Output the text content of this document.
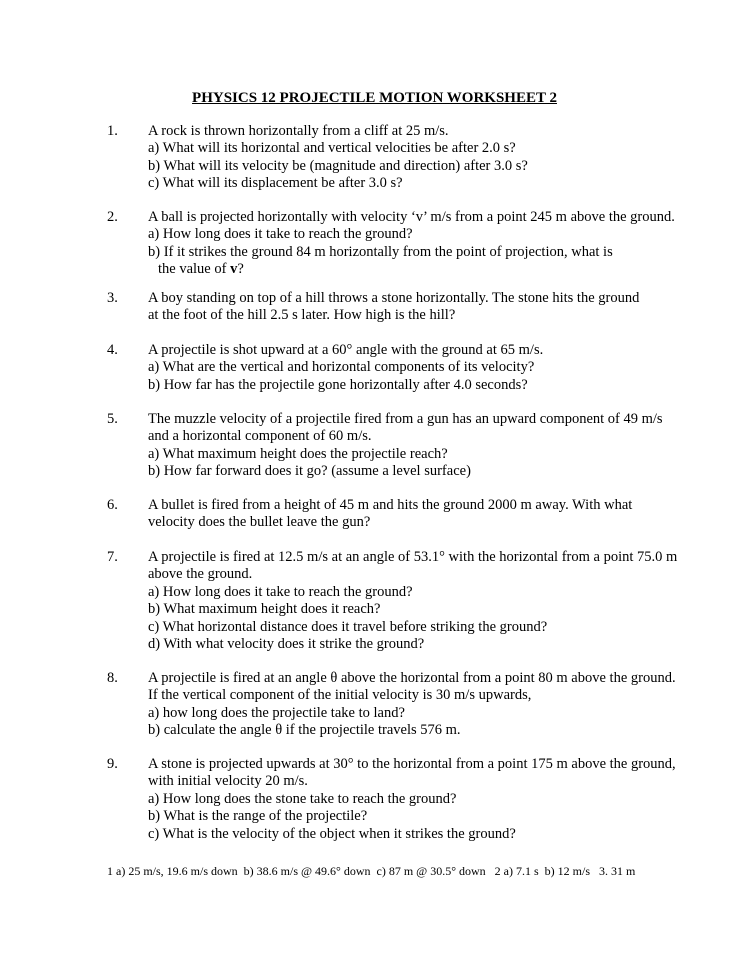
PHYSICS 12 PROJECTILE MOTION WORKSHEET 2
1.	A rock is thrown horizontally from a cliff at 25 m/s.
a) What will its horizontal and vertical velocities be after 2.0 s?
b) What will its velocity be (magnitude and direction) after 3.0 s?
c) What will its displacement be after 3.0 s?
2.	A ball is projected horizontally with velocity ‘v’ m/s from a point 245 m above the ground.
a) How long does it take to reach the ground?
b) If it strikes the ground 84 m horizontally from the point of projection, what is
the value of v?
3.	A boy standing on top of a hill throws a stone horizontally. The stone hits the ground
at the foot of the hill 2.5 s later. How high is the hill?
4.	A projectile is shot upward at a 60° angle with the ground at 65 m/s.
a) What are the vertical and horizontal components of its velocity?
b) How far has the projectile gone horizontally after 4.0 seconds?
5.	The muzzle velocity of a projectile fired from a gun has an upward component of 49 m/s
and a horizontal component of 60 m/s.
a) What maximum height does the projectile reach?
b) How far forward does it go? (assume a level surface)
6.	A bullet is fired from a height of 45 m and hits the ground 2000 m away. With what
velocity does the bullet leave the gun?
7.	A projectile is fired at 12.5 m/s at an angle of 53.1° with the horizontal from a point 75.0 m
above the ground.
a) How long does it take to reach the ground?
b) What maximum height does it reach?
c) What horizontal distance does it travel before striking the ground?
d) With what velocity does it strike the ground?
8.	A projectile is fired at an angle θ above the horizontal from a point 80 m above the ground.
If the vertical component of the initial velocity is 30 m/s upwards,
a) how long does the projectile take to land?
b) calculate the angle θ if the projectile travels 576 m.
9.	A stone is projected upwards at 30° to the horizontal from a point 175 m above the ground,
with initial velocity 20 m/s.
a) How long does the stone take to reach the ground?
b) What is the range of the projectile?
c) What is the velocity of the object when it strikes the ground?
1 a) 25 m/s, 19.6 m/s down  b) 38.6 m/s @ 49.6° down  c) 87 m @ 30.5° down   2 a) 7.1 s  b) 12 m/s   3. 31 m
